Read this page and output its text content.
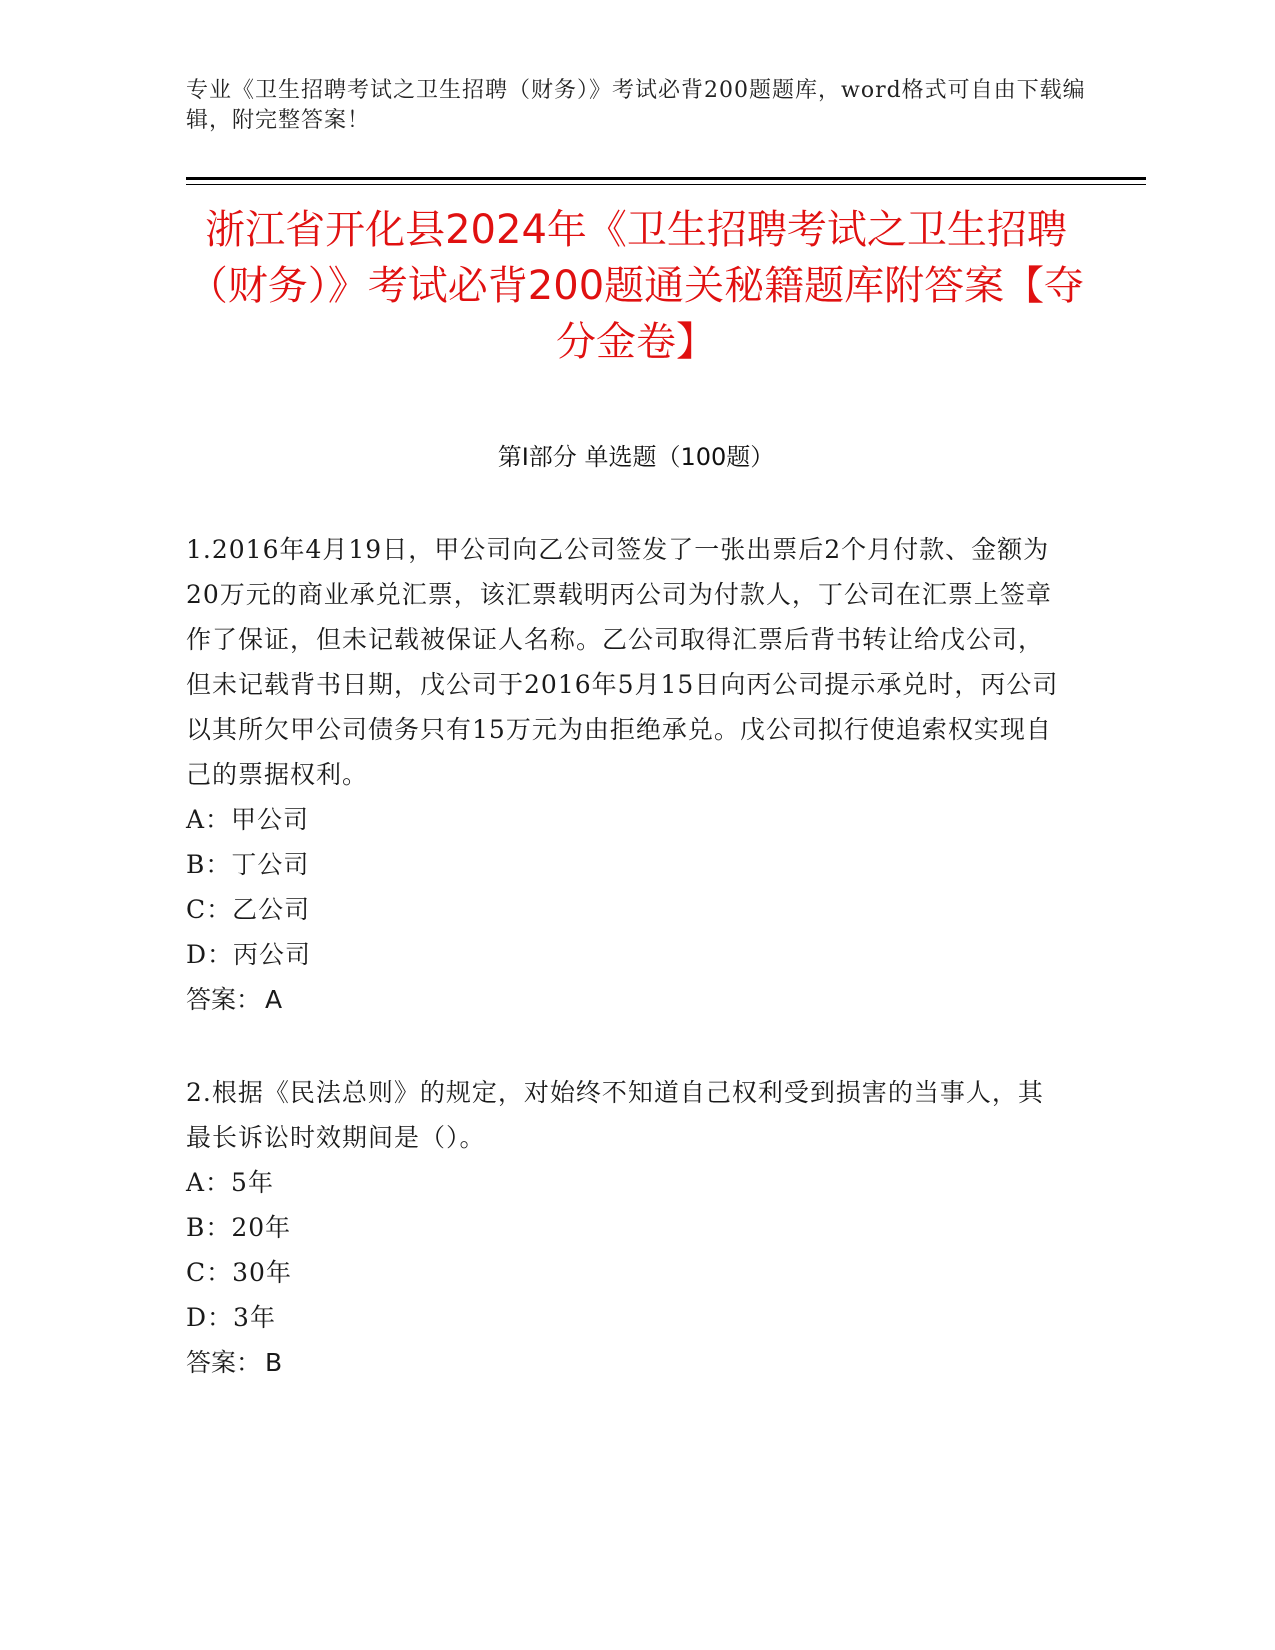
专业《卫生招聘考试之卫生招聘（财务）》考试必背200题题库，word格式可自由下载编辑，附完整答案！
浙江省开化县2024年《卫生招聘考试之卫生招聘（财务）》考试必背200题通关秘籍题库附答案【夺分金卷】
第Ⅰ部分 单选题（100题）

1.2016年4月19日，甲公司向乙公司签发了一张出票后2个月付款、金额为20万元的商业承兑汇票，该汇票载明丙公司为付款人，丁公司在汇票上签章作了保证，但未记载被保证人名称。乙公司取得汇票后背书转让给戊公司，但未记载背书日期，戊公司于2016年5月15日向丙公司提示承兑时，丙公司以其所欠甲公司债务只有15万元为由拒绝承兑。戊公司拟行使追索权实现自己的票据权利。

A：甲公司

B：丁公司

C：乙公司

D：丙公司

答案： A

2.根据《民法总则》的规定，对始终不知道自己权利受到损害的当事人，其最长诉讼时效期间是（）。

A：5年

B：20年

C：30年

D：3年

答案： B
